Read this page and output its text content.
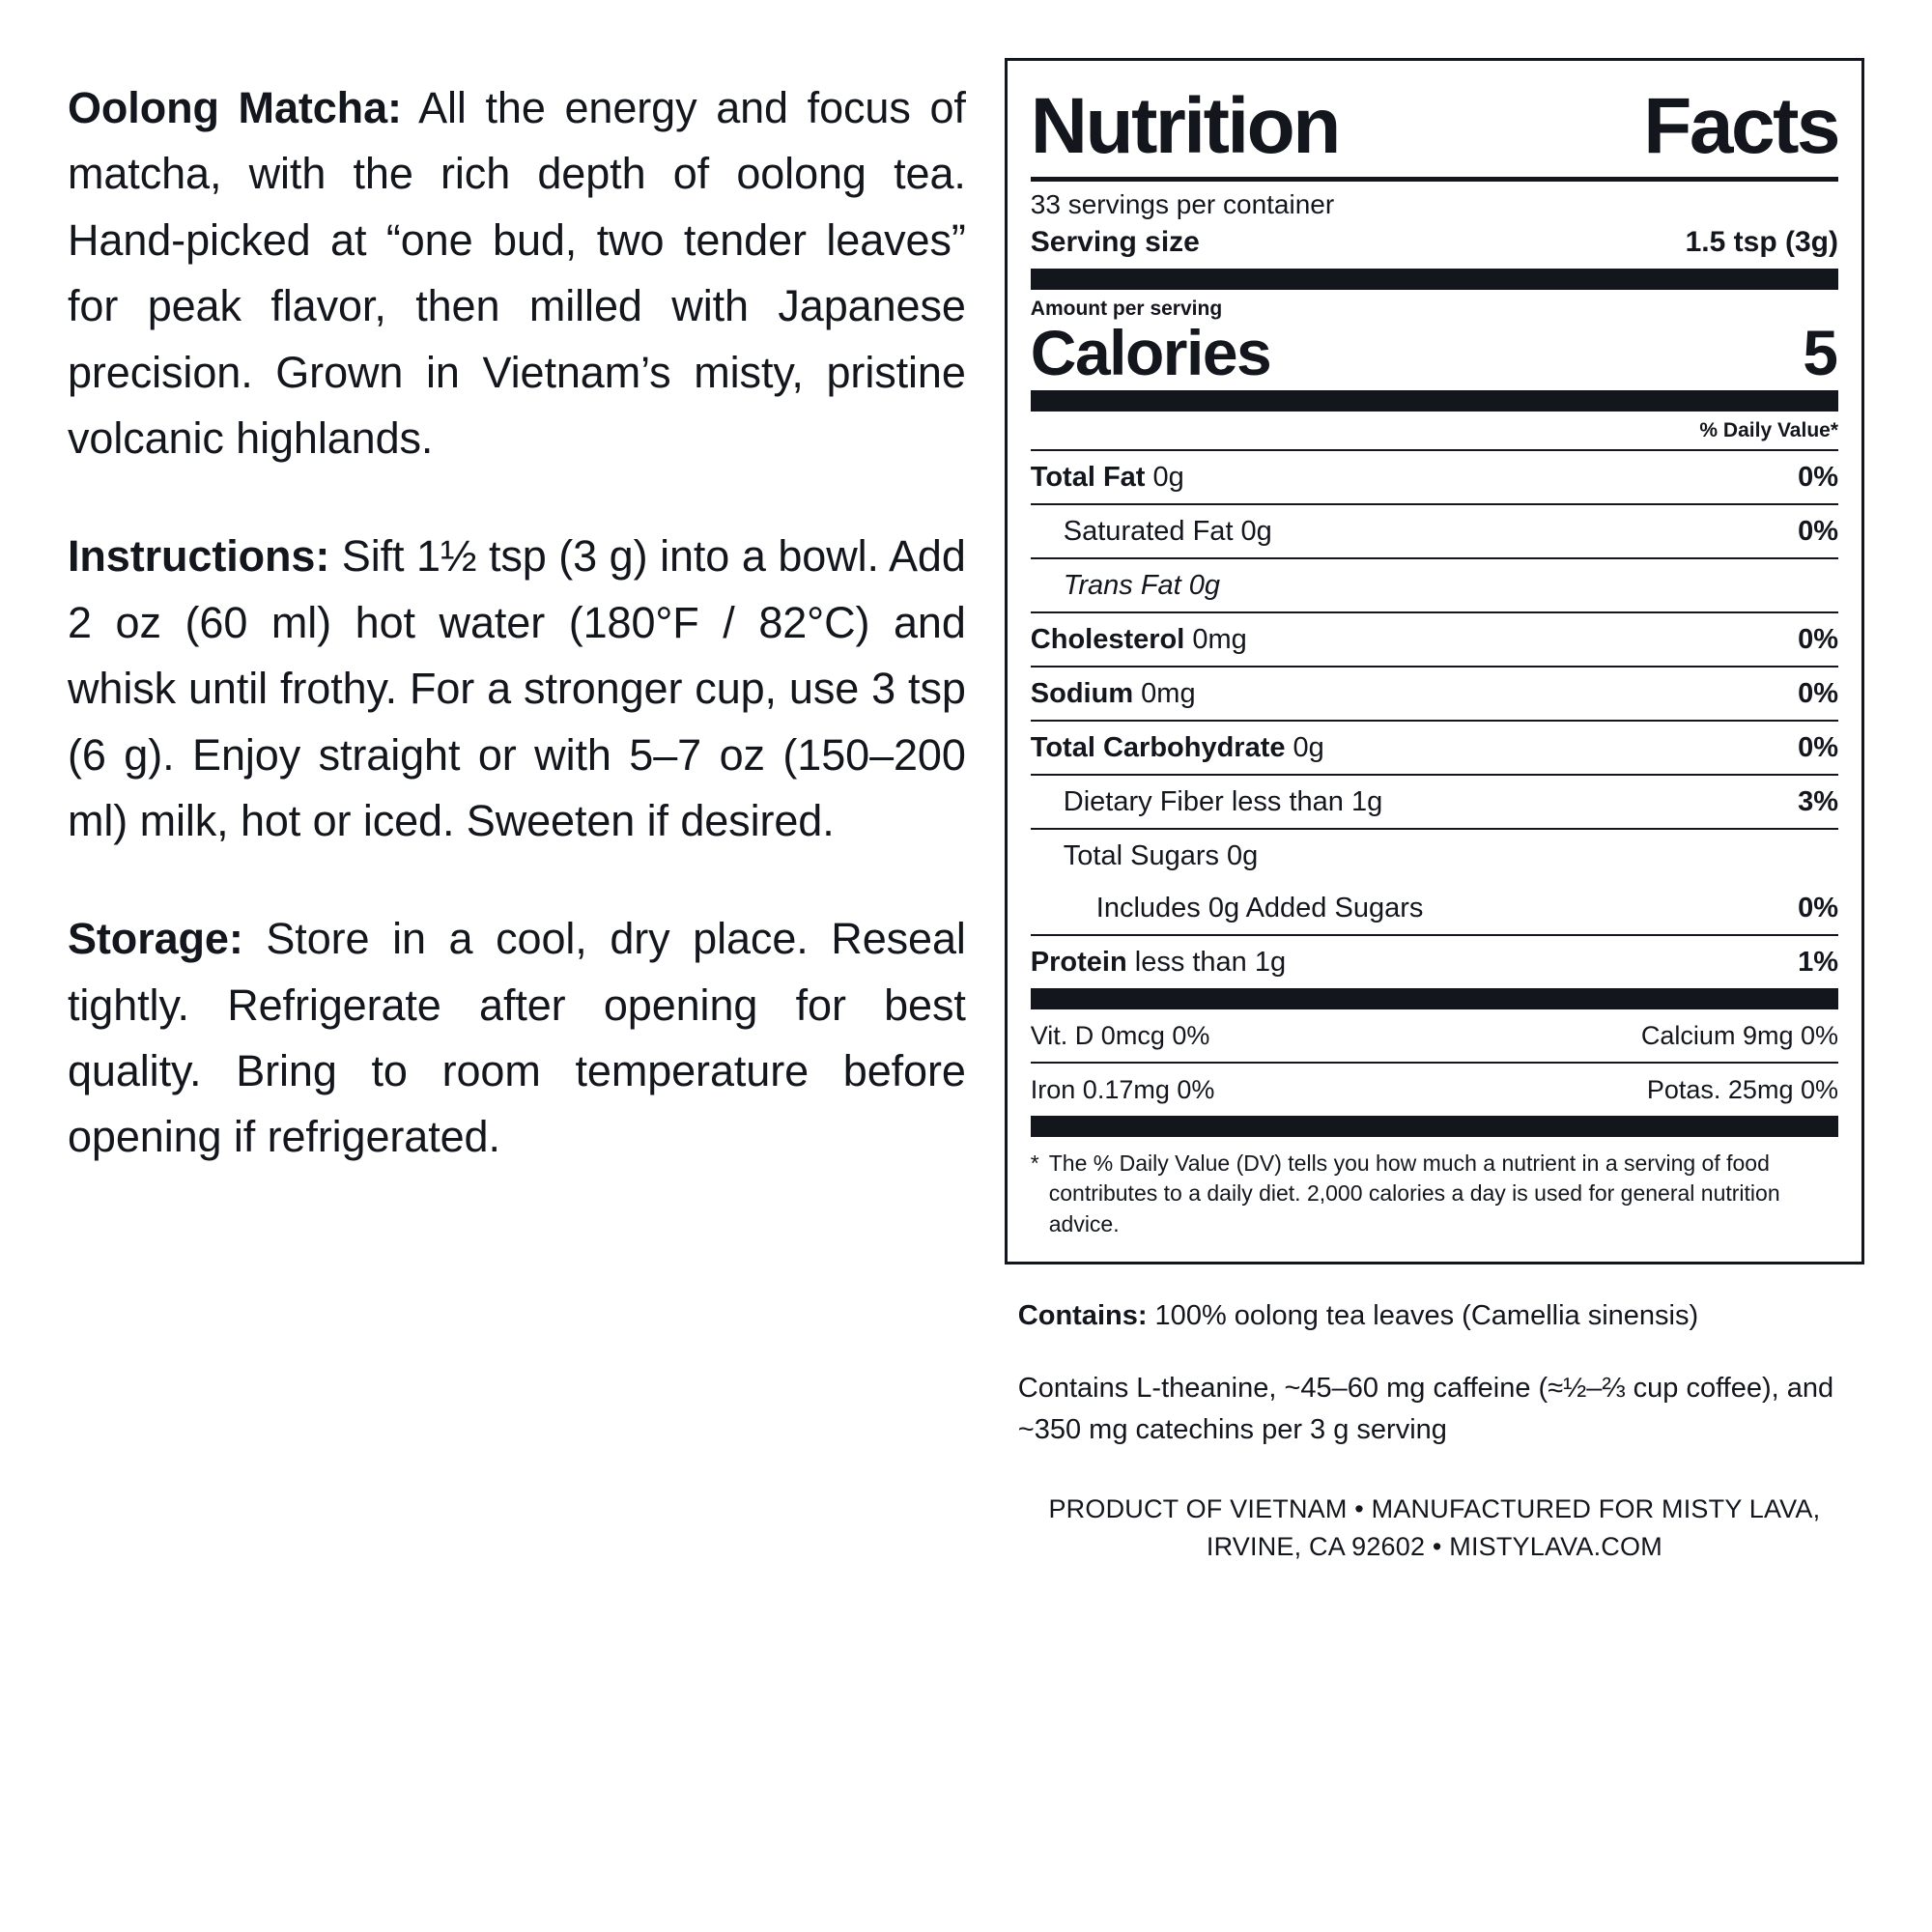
Oolong Matcha: All the energy and focus of matcha, with the rich depth of oolong tea. Hand-picked at “one bud, two tender leaves” for peak flavor, then milled with Japanese precision. Grown in Vietnam’s misty, pristine volcanic highlands.

Instructions: Sift 1½ tsp (3 g) into a bowl. Add 2 oz (60 ml) hot water (180°F / 82°C) and whisk until frothy. For a stronger cup, use 3 tsp (6 g). Enjoy straight or with 5–7 oz (150–200 ml) milk, hot or iced. Sweeten if desired.

Storage: Store in a cool, dry place. Reseal tightly. Refrigerate after opening for best quality. Bring to room temperature before opening if refrigerated.

Nutrition	Facts
33 servings per container
Serving size	1.5 tsp (3g)
Amount per serving
Calories	5
% Daily Value*
Total Fat 0g	0%
Saturated Fat 0g	0%
Trans Fat 0g
Cholesterol 0mg	0%
Sodium 0mg	0%
Total Carbohydrate 0g	0%
Dietary Fiber less than 1g	3%
Total Sugars 0g
Includes 0g Added Sugars	0%
Protein less than 1g	1%
Vit. D 0mcg 0%	Calcium 9mg 0%
Iron 0.17mg 0%	Potas. 25mg 0%
* The % Daily Value (DV) tells you how much a nutrient in a serving of food contributes to a daily diet. 2,000 calories a day is used for general nutrition advice.
Contains: 100% oolong tea leaves (Camellia sinensis)
Contains L-theanine, ~45–60 mg caffeine (≈½–⅔ cup coffee), and ~350 mg catechins per 3 g serving
PRODUCT OF VIETNAM • MANUFACTURED FOR MISTY LAVA, IRVINE, CA 92602 • MISTYLAVA.COM
